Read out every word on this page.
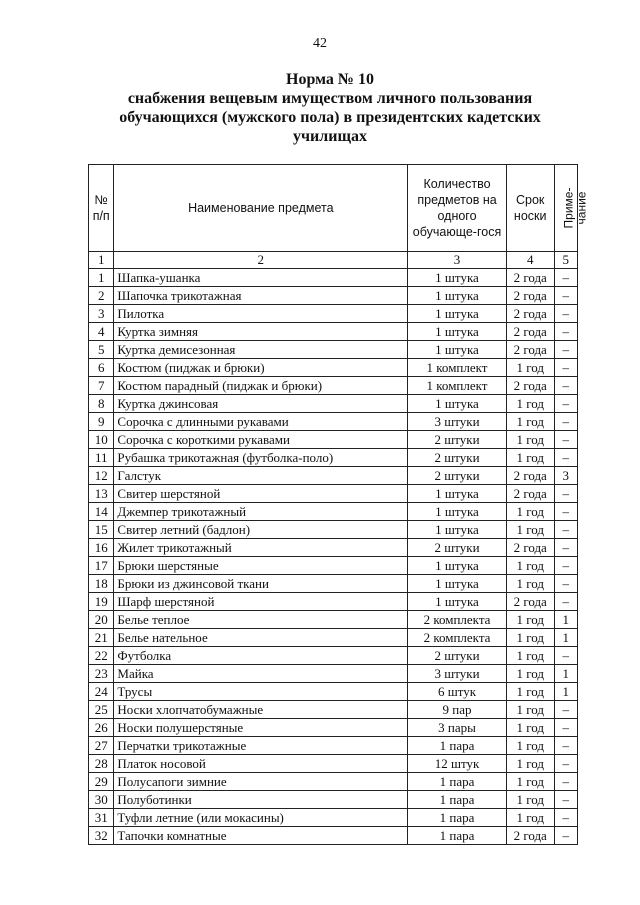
42
Норма № 10
снабжения вещевым имуществом личного пользования
обучающихся (мужского пола) в президентских кадетских
училищах
№ п/п	Наименование предмета	Количество предметов на одного обучающе-гося	Срок носки	Приме- чание

1	2	3	4	5
1	Шапка-ушанка	1 штука	2 года	–
2	Шапочка трикотажная	1 штука	2 года	–
3	Пилотка	1 штука	2 года	–
4	Куртка зимняя	1 штука	2 года	–
5	Куртка демисезонная	1 штука	2 года	–
6	Костюм (пиджак и брюки)	1 комплект	1 год	–
7	Костюм парадный (пиджак и брюки)	1 комплект	2 года	–
8	Куртка джинсовая	1 штука	1 год	–
9	Сорочка с длинными рукавами	3 штуки	1 год	–
10	Сорочка с короткими рукавами	2 штуки	1 год	–
11	Рубашка трикотажная (футболка-поло)	2 штуки	1 год	–
12	Галстук	2 штуки	2 года	3
13	Свитер шерстяной	1 штука	2 года	–
14	Джемпер трикотажный	1 штука	1 год	–
15	Свитер летний (бадлон)	1 штука	1 год	–
16	Жилет трикотажный	2 штуки	2 года	–
17	Брюки шерстяные	1 штука	1 год	–
18	Брюки из джинсовой ткани	1 штука	1 год	–
19	Шарф шерстяной	1 штука	2 года	–
20	Белье теплое	2 комплекта	1 год	1
21	Белье нательное	2 комплекта	1 год	1
22	Футболка	2 штуки	1 год	–
23	Майка	3 штуки	1 год	1
24	Трусы	6 штук	1 год	1
25	Носки хлопчатобумажные	9 пар	1 год	–
26	Носки полушерстяные	3 пары	1 год	–
27	Перчатки трикотажные	1 пара	1 год	–
28	Платок носовой	12 штук	1 год	–
29	Полусапоги зимние	1 пара	1 год	–
30	Полуботинки	1 пара	1 год	–
31	Туфли летние (или мокасины)	1 пара	1 год	–
32	Тапочки комнатные	1 пара	2 года	–
